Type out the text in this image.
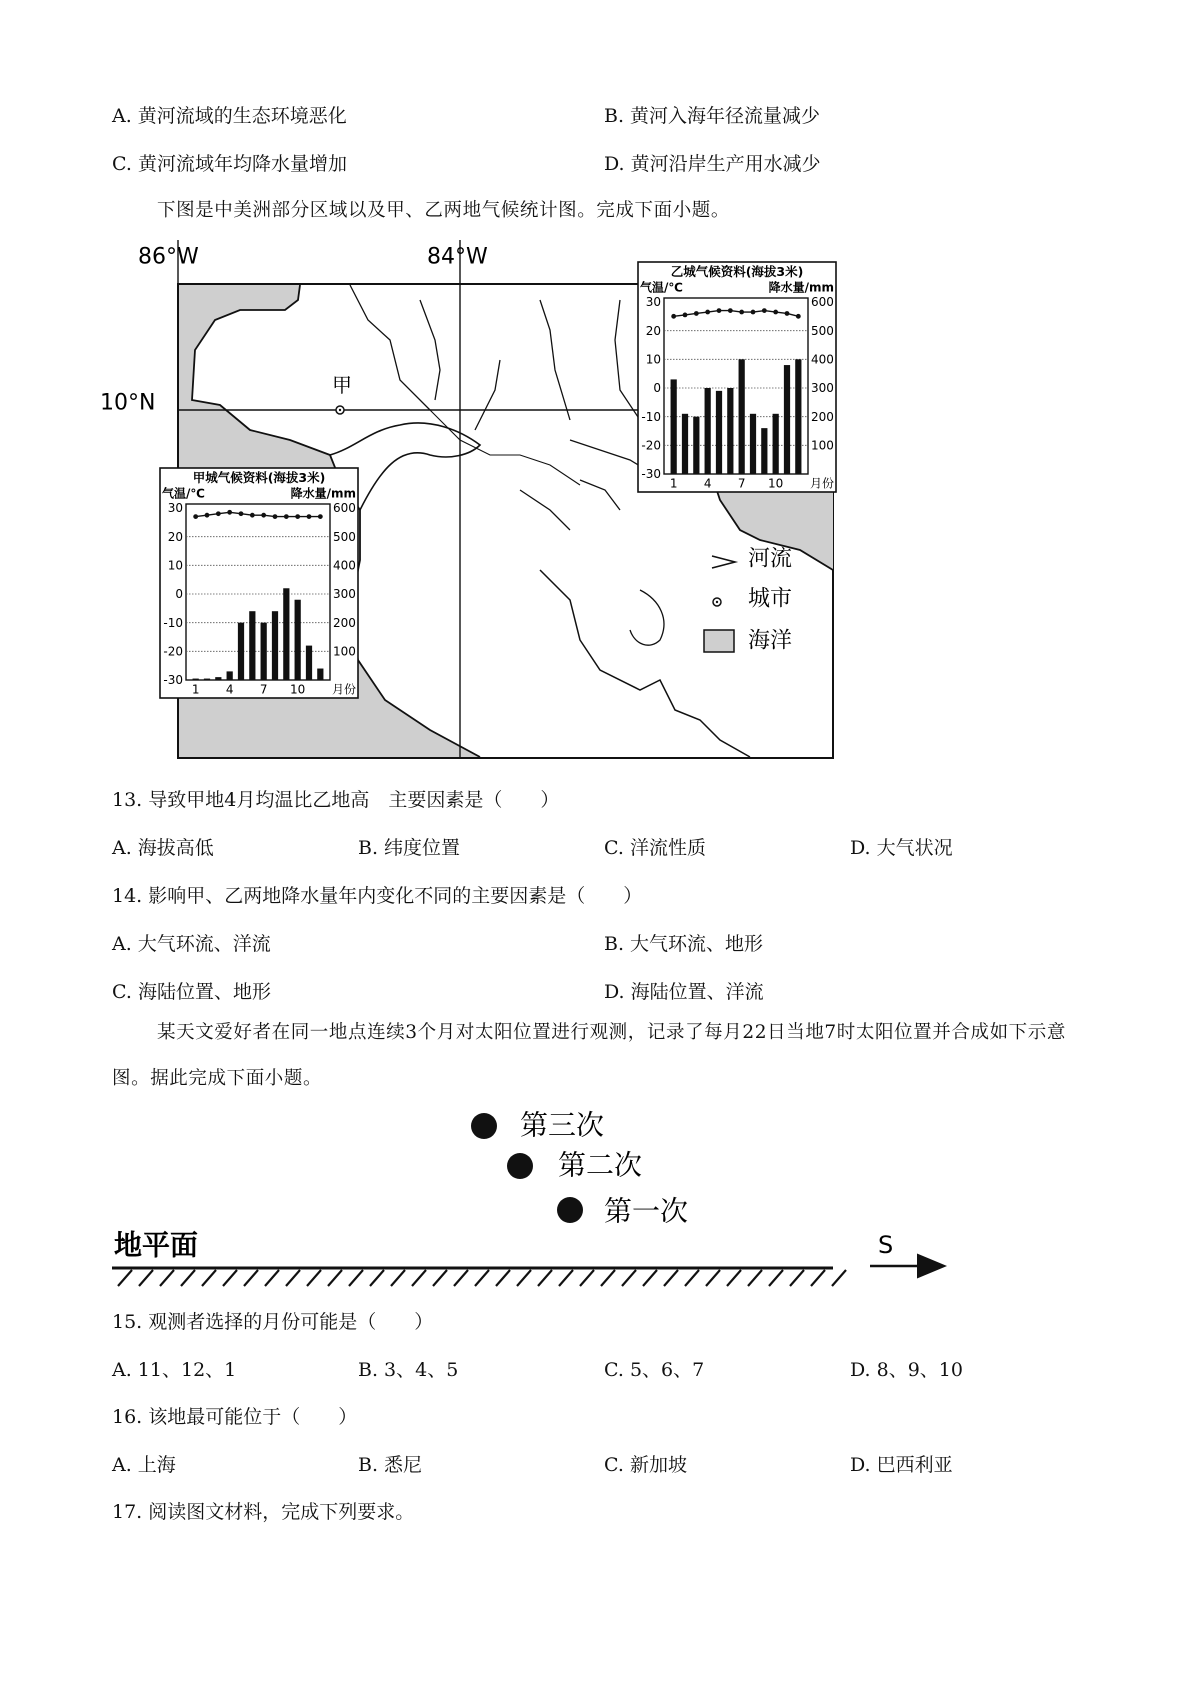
A. 黄河流域的生态环境恶化	B. 黄河入海年径流量减少
C. 黄河流域年均降水量增加	D. 黄河沿岸生产用水减少
下图是中美洲部分区域以及甲、乙两地气候统计图。完成下面小题。
86°W	84°W
10°N
甲
河流
城市
海洋
乙城气候资料(海拔3米)
气温/℃	降水量/mm
30
20
10
0
-10
-20
-30
600
500
400
300
200
100
1 4 7 10 月份
甲城气候资料(海拔3米)
气温/℃	降水量/mm
30
20
10
0
-10
-20
-30
600
500
400
300
200
100
1 4 7 10 月份
13. 导致甲地4月均温比乙地高　主要因素是（　　）
A. 海拔高低	B. 纬度位置	C. 洋流性质	D. 大气状况
14. 影响甲、乙两地降水量年内变化不同的主要因素是（　　）
A. 大气环流、洋流	B. 大气环流、地形
C. 海陆位置、地形	D. 海陆位置、洋流
某天文爱好者在同一地点连续3个月对太阳位置进行观测，记录了每月22日当地7时太阳位置并合成如下示意图。据此完成下面小题。
第三次
第二次
第一次
地平面	S
15. 观测者选择的月份可能是（　　）
A. 11、12、1	B. 3、4、5	C. 5、6、7	D. 8、9、10
16. 该地最可能位于（　　）
A. 上海	B. 悉尼	C. 新加坡	D. 巴西利亚
17. 阅读图文材料，完成下列要求。
